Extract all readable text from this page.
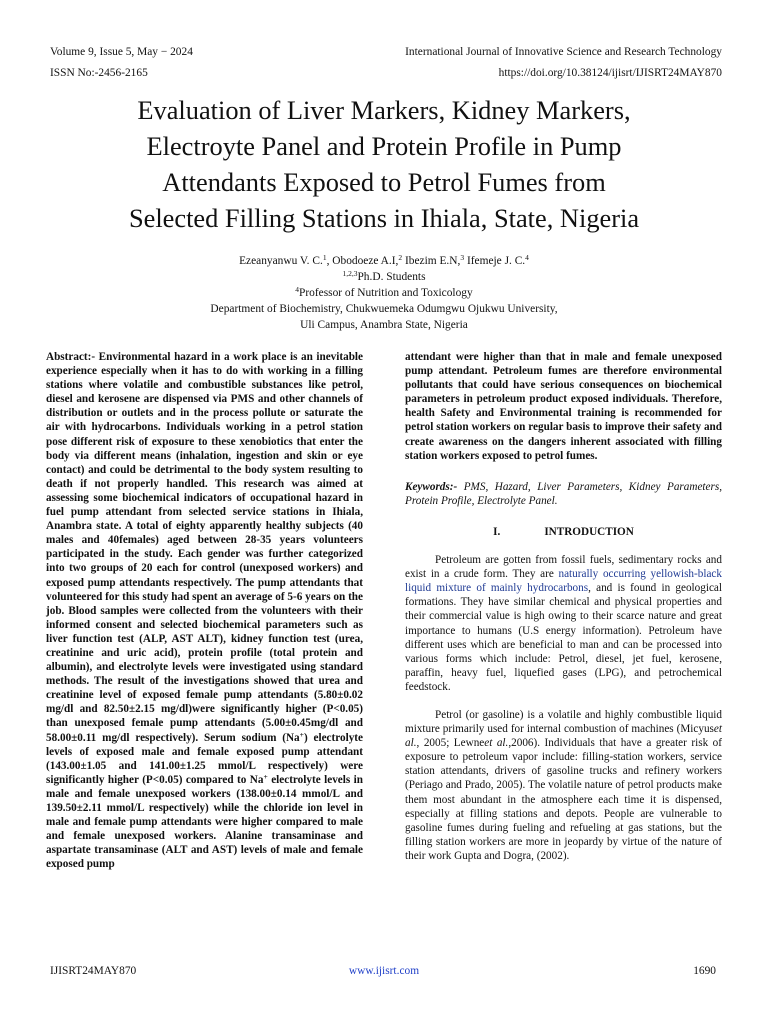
Volume 9, Issue 5, May − 2024	International Journal of Innovative Science and Research Technology
ISSN No:-2456-2165	https://doi.org/10.38124/ijisrt/IJISRT24MAY870
Evaluation of Liver Markers, Kidney Markers,
Electroyte Panel and Protein Profile in Pump
Attendants Exposed to Petrol Fumes from
Selected Filling Stations in Ihiala, State, Nigeria
Ezeanyanwu V. C.$^1$, Obodoeze A.I,$^2$ Ibezim E.N,$^3$ Ifemeje J. C.$^4$
$^{1,2,3}$Ph.D. Students
$^4$Professor of Nutrition and Toxicology
Department of Biochemistry, Chukwuemeka Odumgwu Ojukwu University,
Uli Campus, Anambra State, Nigeria

Abstract:- Environmental hazard in a work place is an inevitable experience especially when it has to do with working in a filling stations where volatile and combustible substances like petrol, diesel and kerosene are dispensed via PMS and other channels of distribution or outlets and in the process pollute or saturate the air with hydrocarbons. Individuals working in a petrol station pose different risk of exposure to these xenobiotics that enter the body via different means (inhalation, ingestion and skin or eye contact) and could be detrimental to the body system resulting to death if not properly handled. This research was aimed at assessing some biochemical indicators of occupational hazard in fuel pump attendant from selected service stations in Ihiala, Anambra state. A total of eighty apparently healthy subjects (40 males and 40females) aged between 28-35 years volunteers participated in the study. Each gender was further categorized into two groups of 20 each for control (unexposed workers) and exposed pump attendants respectively. The pump attendants that volunteered for this study had spent an average of 5-6 years on the job. Blood samples were collected from the volunteers with their informed consent and selected biochemical parameters such as liver function test (ALP, AST ALT), kidney function test (urea, creatinine and uric acid), protein profile (total protein and albumin), and electrolyte levels were investigated using standard methods. The result of the investigations showed that urea and creatinine level of exposed female pump attendants (5.80±0.02 mg/dl and 82.50±2.15 mg/dl)were significantly higher (P<0.05) than unexposed female pump attendants (5.00±0.45mg/dl and 58.00±0.11 mg/dl respectively). Serum sodium (Na+) electrolyte levels of exposed male and female exposed pump attendant (143.00±1.05 and 141.00±1.25 mmol/L respectively) were significantly higher (P<0.05) compared to Na+ electrolyte levels in male and female unexposed workers (138.00±0.14 mmol/L and 139.50±2.11 mmol/L respectively) while the chloride ion level in male and female pump attendants were higher compared to male and female unexposed workers. Alanine transaminase and aspartate transaminase (ALT and AST) levels of male and female exposed pump

attendant were higher than that in male and female unexposed pump attendant. Petroleum fumes are therefore environmental pollutants that could have serious consequences on biochemical parameters in petroleum product exposed individuals. Therefore, health Safety and Environmental training is recommended for petrol station workers on regular basis to improve their safety and create awareness on the dangers inherent associated with filling station workers exposed to petrol fumes.

Keywords:- PMS, Hazard, Liver Parameters, Kidney Parameters, Protein Profile, Electrolyte Panel.

I.	INTRODUCTION

Petroleum are gotten from fossil fuels, sedimentary rocks and exist in a crude form. They are naturally occurring yellowish-black liquid mixture of mainly hydrocarbons, and is found in geological formations. They have similar chemical and physical properties and their commercial value is high owing to their scarce nature and great importance to humans (U.S energy information). Petroleum have different uses which are beneficial to man and can be processed into various forms which include: Petrol, diesel, jet fuel, kerosene, paraffin, heavy fuel, liquefied gases (LPG), and petrochemical feedstock.

Petrol (or gasoline) is a volatile and highly combustible liquid mixture primarily used for internal combustion of machines (Micyuset al., 2005; Lewneet al.,2006). Individuals that have a greater risk of exposure to petroleum vapor include: filling-station workers, service station attendants, drivers of gasoline trucks and refinery workers (Periago and Prado, 2005). The volatile nature of petrol products make them most abundant in the atmosphere each time it is dispensed, especially at filling stations and depots. People are vulnerable to gasoline fumes during fueling and refueling at gas stations, but the filling station workers are more in jeopardy by virtue of the nature of their work Gupta and Dogra, (2002).

IJISRT24MAY870	www.ijisrt.com	1690
